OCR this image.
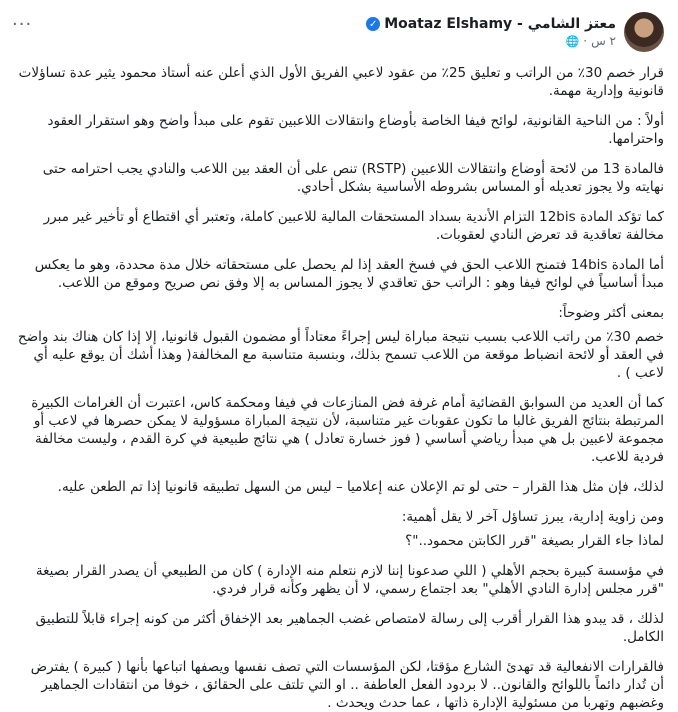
معتز الشامي - Moataz Elshamy
✓
٢ س
·
🌐
···

قرار خصم 30٪ من الراتب و تعليق 25٪ من عقود لاعبي الفريق الأول الذي أعلن عنه أستاذ محمود يثير عدة تساؤلات قانونية وإدارية مهمة.

أولاً : من الناحية القانونية، لوائح فيفا الخاصة بأوضاع وانتقالات اللاعبين تقوم على مبدأ واضح وهو استقرار العقود واحترامها.

فالمادة 13 من لائحة أوضاع وانتقالات اللاعبين (RSTP) تنص على أن العقد بين اللاعب والنادي يجب احترامه حتى نهايته ولا يجوز تعديله أو المساس بشروطه الأساسية بشكل أحادي.

كما تؤكد المادة 12bis التزام الأندية بسداد المستحقات المالية للاعبين كاملة، وتعتبر أي اقتطاع أو تأخير غير مبرر مخالفة تعاقدية قد تعرض النادي لعقوبات.

أما المادة 14bis فتمنح اللاعب الحق في فسخ العقد إذا لم يحصل على مستحقاته خلال مدة محددة، وهو ما يعكس مبدأ أساسياً في لوائح فيفا وهو : الراتب حق تعاقدي لا يجوز المساس به إلا وفق نص صريح وموقع من اللاعب.

بمعنى أكثر وضوحاً:

خصم 30٪ من راتب اللاعب بسبب نتيجة مباراة ليس إجراءً معتاداً أو مضمون القبول قانونيا، إلا إذا كان هناك بند واضح في العقد أو لائحة انضباط موقعة من اللاعب تسمح بذلك، وبنسبة متناسبة مع المخالفة( وهذا أشك أن يوقع عليه أي لاعب ) .

كما أن العديد من السوابق القضائية أمام غرفة فض المنازعات في فيفا ومحكمة كاس، اعتبرت أن الغرامات الكبيرة المرتبطة بنتائج الفريق غالبا ما تكون عقوبات غير متناسبة، لأن نتيجة المباراة مسؤولية لا يمكن حصرها في لاعب أو مجموعة لاعبين بل هي مبدأ رياضي أساسي ( فوز خسارة تعادل ) هي نتائج طبيعية في كرة القدم ، وليست مخالفة فردية للاعب.

لذلك، فإن مثل هذا القرار – حتى لو تم الإعلان عنه إعلاميا – ليس من السهل تطبيقه قانونيا إذا تم الطعن عليه.

ومن زاوية إدارية، يبرز تساؤل آخر لا يقل أهمية:

لماذا جاء القرار بصيغة "قرر الكابتن محمود.."؟

في مؤسسة كبيرة بحجم الأهلي ( اللي صدعونا إننا لازم نتعلم منه الإدارة ) كان من الطبيعي أن يصدر القرار بصيغة "قرر مجلس إدارة النادي الأهلي" بعد اجتماع رسمي، لا أن يظهر وكأنه قرار فردي.

لذلك ، قد يبدو هذا القرار أقرب إلى رسالة لامتصاص غضب الجماهير بعد الإخفاق أكثر من كونه إجراء قابلاً للتطبيق الكامل.

فالقرارات الانفعالية قد تهدئ الشارع مؤقتا، لكن المؤسسات التي تصف نفسها ويصفها اتباعها بأنها ( كبيرة ) يفترض أن تُدار دائماً باللوائح والقانون.. لا بردود الفعل العاطفة .. او التي تلتف على الحقائق ، خوفا من انتقادات الجماهير وغضبهم وتهربا من مسئولية الإدارة ذاتها ، عما حدث ويحدث .
